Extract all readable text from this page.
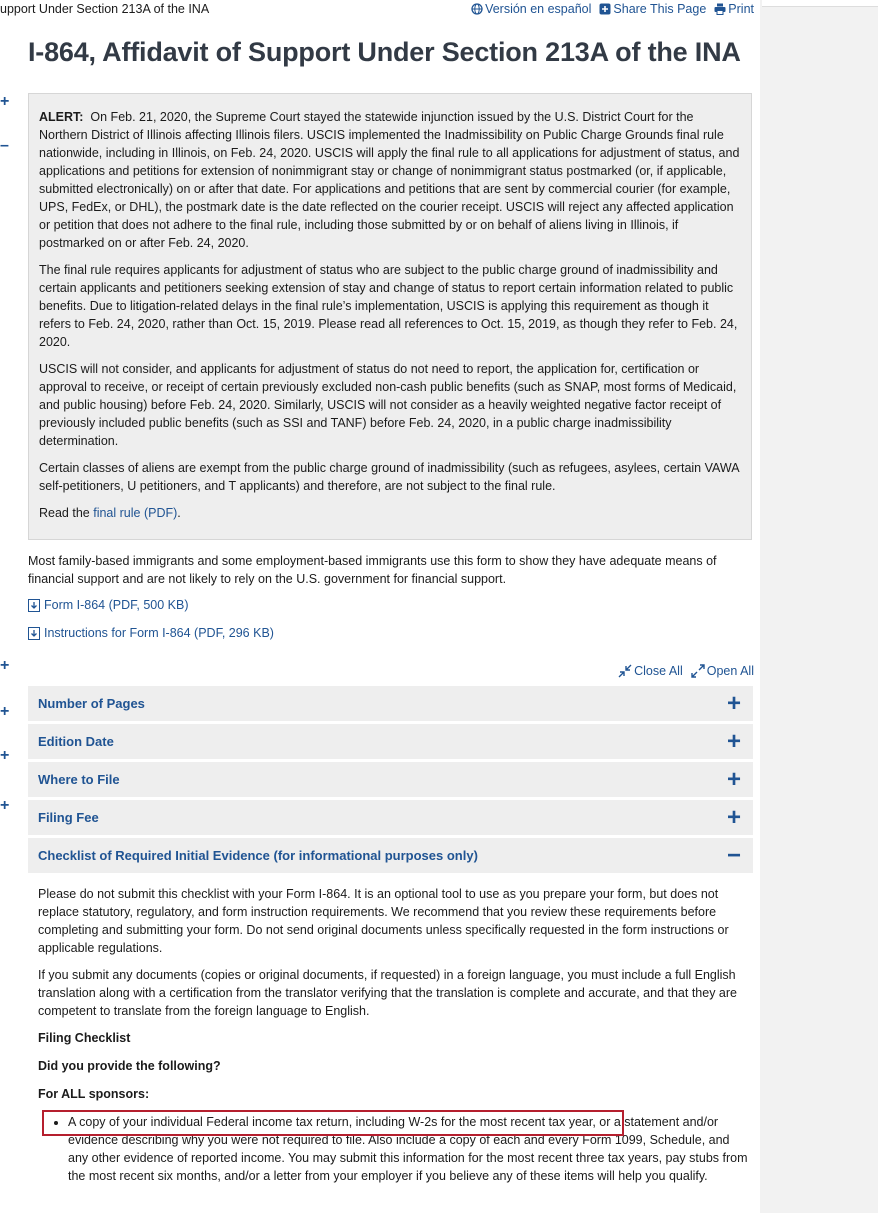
upport Under Section 213A of the INA	Versión en español Share This Page Print
I-864, Affidavit of Support Under Section 213A of the INA
+
–
+
+
+
+

ALERT: On Feb. 21, 2020, the Supreme Court stayed the statewide injunction issued by the U.S. District Court for the Northern District of Illinois affecting Illinois filers. USCIS implemented the Inadmissibility on Public Charge Grounds final rule nationwide, including in Illinois, on Feb. 24, 2020. USCIS will apply the final rule to all applications for adjustment of status, and applications and petitions for extension of nonimmigrant stay or change of nonimmigrant status postmarked (or, if applicable, submitted electronically) on or after that date. For applications and petitions that are sent by commercial courier (for example, UPS, FedEx, or DHL), the postmark date is the date reflected on the courier receipt. USCIS will reject any affected application or petition that does not adhere to the final rule, including those submitted by or on behalf of aliens living in Illinois, if postmarked on or after Feb. 24, 2020.

The final rule requires applicants for adjustment of status who are subject to the public charge ground of inadmissibility and certain applicants and petitioners seeking extension of stay and change of status to report certain information related to public benefits. Due to litigation-related delays in the final rule’s implementation, USCIS is applying this requirement as though it refers to Feb. 24, 2020, rather than Oct. 15, 2019. Please read all references to Oct. 15, 2019, as though they refer to Feb. 24, 2020.

USCIS will not consider, and applicants for adjustment of status do not need to report, the application for, certification or approval to receive, or receipt of certain previously excluded non-cash public benefits (such as SNAP, most forms of Medicaid, and public housing) before Feb. 24, 2020. Similarly, USCIS will not consider as a heavily weighted negative factor receipt of previously included public benefits (such as SSI and TANF) before Feb. 24, 2020, in a public charge inadmissibility determination.

Certain classes of aliens are exempt from the public charge ground of inadmissibility (such as refugees, asylees, certain VAWA self-petitioners, U petitioners, and T applicants) and therefore, are not subject to the final rule.

Read the final rule (PDF).

Most family-based immigrants and some employment-based immigrants use this form to show they have adequate means of financial support and are not likely to rely on the U.S. government for financial support.

Form I-864 (PDF, 500 KB)
Instructions for Form I-864 (PDF, 296 KB)
Close All Open All
Number of Pages	+
Edition Date	+
Where to File	+
Filing Fee	+
Checklist of Required Initial Evidence (for informational purposes only)	−

Please do not submit this checklist with your Form I-864. It is an optional tool to use as you prepare your form, but does not replace statutory, regulatory, and form instruction requirements. We recommend that you review these requirements before completing and submitting your form. Do not send original documents unless specifically requested in the form instructions or applicable regulations.

If you submit any documents (copies or original documents, if requested) in a foreign language, you must include a full English translation along with a certification from the translator verifying that the translation is complete and accurate, and that they are competent to translate from the foreign language to English.

Filing Checklist

Did you provide the following?

For ALL sponsors:

• A copy of your individual Federal income tax return, including W-2s for the most recent tax year, or a statement and/or evidence describing why you were not required to file. Also include a copy of each and every Form 1099, Schedule, and any other evidence of reported income. You may submit this information for the most recent three tax years, pay stubs from the most recent six months, and/or a letter from your employer if you believe any of these items will help you qualify.
